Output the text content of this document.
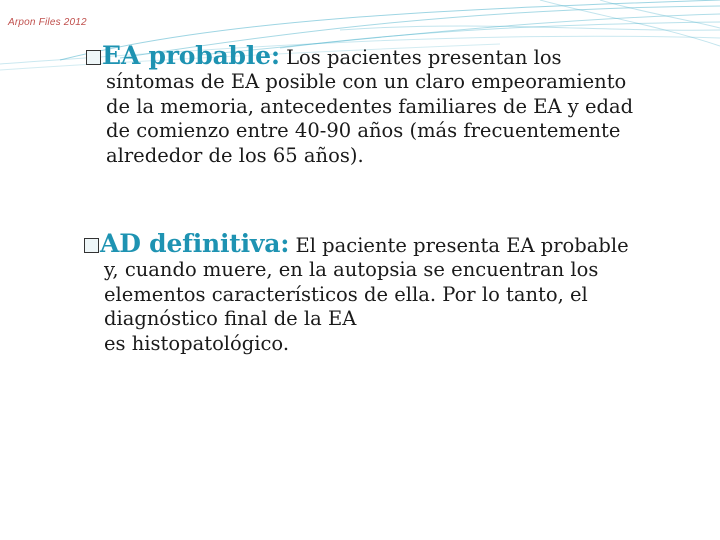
Arpon Files 2012
EA probable: Los pacientes presentan los
síntomas de EA posible con un claro empeoramiento
de la memoria, antecedentes familiares de EA y edad
de comienzo entre 40-90 años (más frecuentemente
alrededor de los 65 años).
AD definitiva: El paciente presenta EA probable
y, cuando muere, en la autopsia se encuentran los
elementos característicos de ella. Por lo tanto, el
diagnóstico final de la EA
es histopatológico.
